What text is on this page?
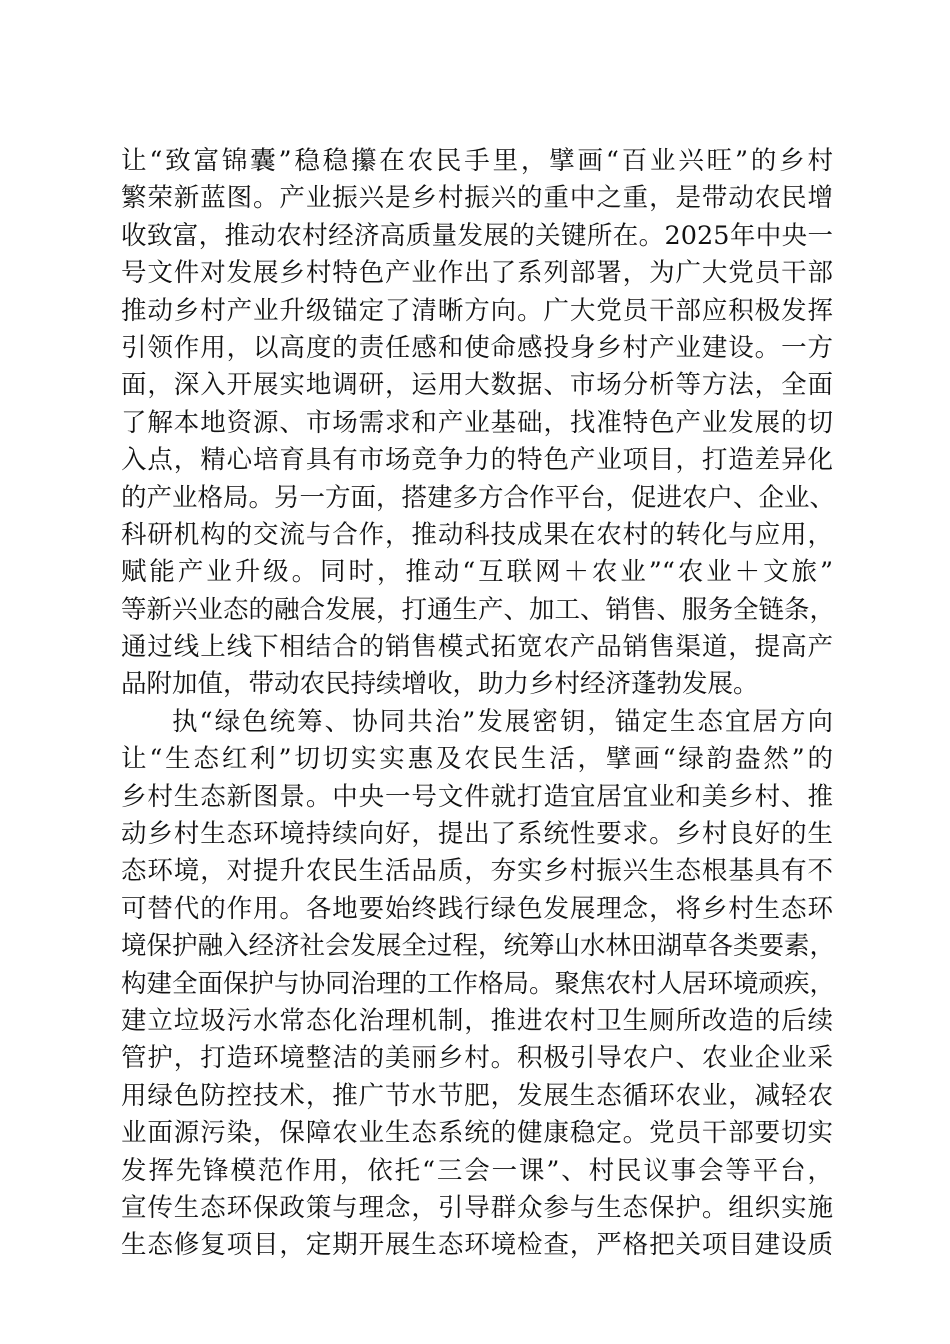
让“致富锦囊”稳稳攥在农民手里，擘画“百业兴旺”的乡村
繁荣新蓝图。产业振兴是乡村振兴的重中之重，是带动农民增
收致富，推动农村经济高质量发展的关键所在。2025年中央一
号文件对发展乡村特色产业作出了系列部署，为广大党员干部
推动乡村产业升级锚定了清晰方向。广大党员干部应积极发挥
引领作用，以高度的责任感和使命感投身乡村产业建设。一方
面，深入开展实地调研，运用大数据、市场分析等方法，全面
了解本地资源、市场需求和产业基础，找准特色产业发展的切
入点，精心培育具有市场竞争力的特色产业项目，打造差异化
的产业格局。另一方面，搭建多方合作平台，促进农户、企业、
科研机构的交流与合作，推动科技成果在农村的转化与应用，
赋能产业升级。同时，推动“互联网＋农业”“农业＋文旅”
等新兴业态的融合发展，打通生产、加工、销售、服务全链条，
通过线上线下相结合的销售模式拓宽农产品销售渠道，提高产
品附加值，带动农民持续增收，助力乡村经济蓬勃发展。
执“绿色统筹、协同共治”发展密钥，锚定生态宜居方向
让“生态红利”切切实实惠及农民生活，擘画“绿韵盎然”的
乡村生态新图景。中央一号文件就打造宜居宜业和美乡村、推
动乡村生态环境持续向好，提出了系统性要求。乡村良好的生
态环境，对提升农民生活品质，夯实乡村振兴生态根基具有不
可替代的作用。各地要始终践行绿色发展理念，将乡村生态环
境保护融入经济社会发展全过程，统筹山水林田湖草各类要素，
构建全面保护与协同治理的工作格局。聚焦农村人居环境顽疾，
建立垃圾污水常态化治理机制，推进农村卫生厕所改造的后续
管护，打造环境整洁的美丽乡村。积极引导农户、农业企业采
用绿色防控技术，推广节水节肥，发展生态循环农业，减轻农
业面源污染，保障农业生态系统的健康稳定。党员干部要切实
发挥先锋模范作用，依托“三会一课”、村民议事会等平台，
宣传生态环保政策与理念，引导群众参与生态保护。组织实施
生态修复项目，定期开展生态环境检查，严格把关项目建设质
